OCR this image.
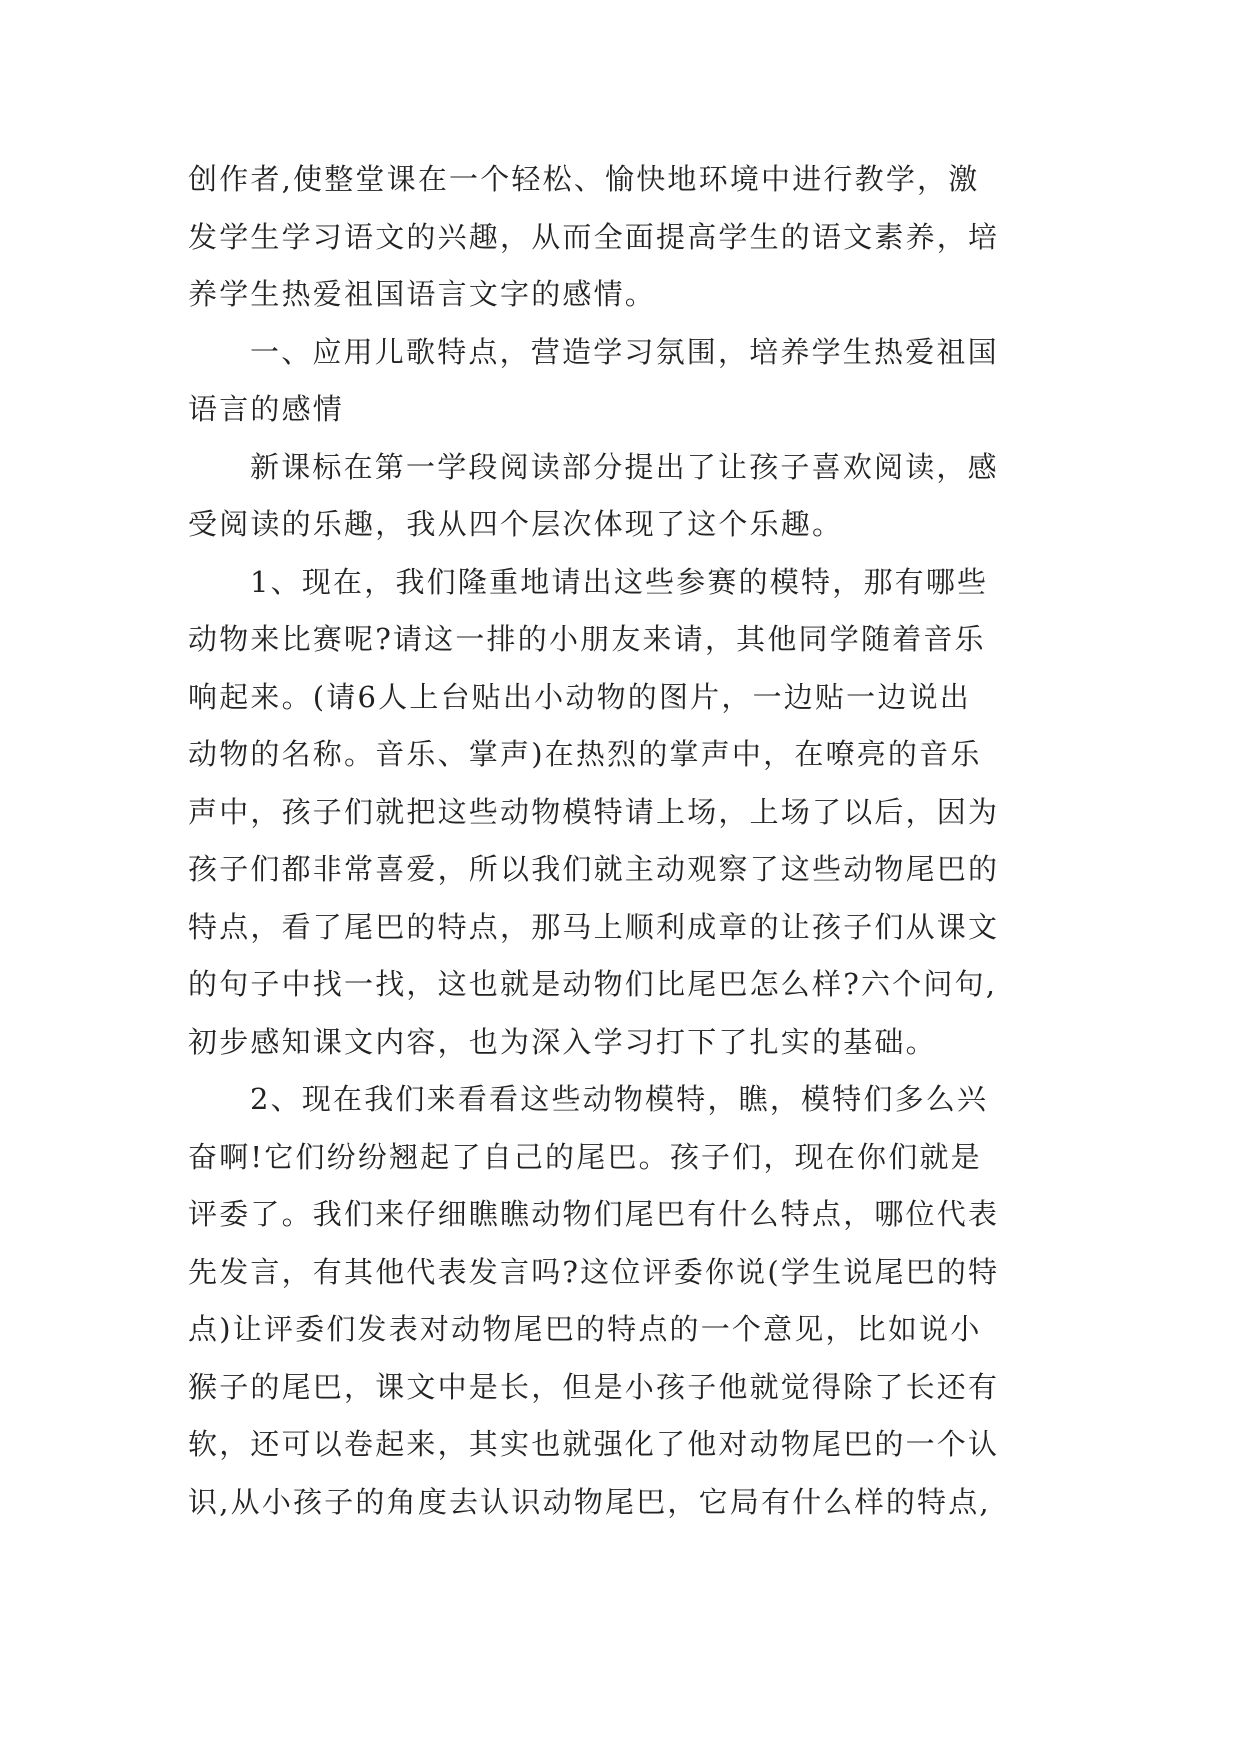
创作者,使整堂课在一个轻松、愉快地环境中进行教学，激
发学生学习语文的兴趣，从而全面提高学生的语文素养，培
养学生热爱祖国语言文字的感情。
一、应用儿歌特点，营造学习氛围，培养学生热爱祖国
语言的感情
新课标在第一学段阅读部分提出了让孩子喜欢阅读，感
受阅读的乐趣，我从四个层次体现了这个乐趣。
1、现在，我们隆重地请出这些参赛的模特，那有哪些
动物来比赛呢?请这一排的小朋友来请，其他同学随着音乐
响起来。(请6人上台贴出小动物的图片，一边贴一边说出
动物的名称。音乐、掌声)在热烈的掌声中，在嘹亮的音乐
声中，孩子们就把这些动物模特请上场，上场了以后，因为
孩子们都非常喜爱，所以我们就主动观察了这些动物尾巴的
特点，看了尾巴的特点，那马上顺利成章的让孩子们从课文
的句子中找一找，这也就是动物们比尾巴怎么样?六个问句,
初步感知课文内容，也为深入学习打下了扎实的基础。
2、现在我们来看看这些动物模特，瞧，模特们多么兴
奋啊!它们纷纷翘起了自己的尾巴。孩子们，现在你们就是
评委了。我们来仔细瞧瞧动物们尾巴有什么特点，哪位代表
先发言，有其他代表发言吗?这位评委你说(学生说尾巴的特
点)让评委们发表对动物尾巴的特点的一个意见，比如说小
猴子的尾巴，课文中是长，但是小孩子他就觉得除了长还有
软，还可以卷起来，其实也就强化了他对动物尾巴的一个认
识,从小孩子的角度去认识动物尾巴，它局有什么样的特点,
